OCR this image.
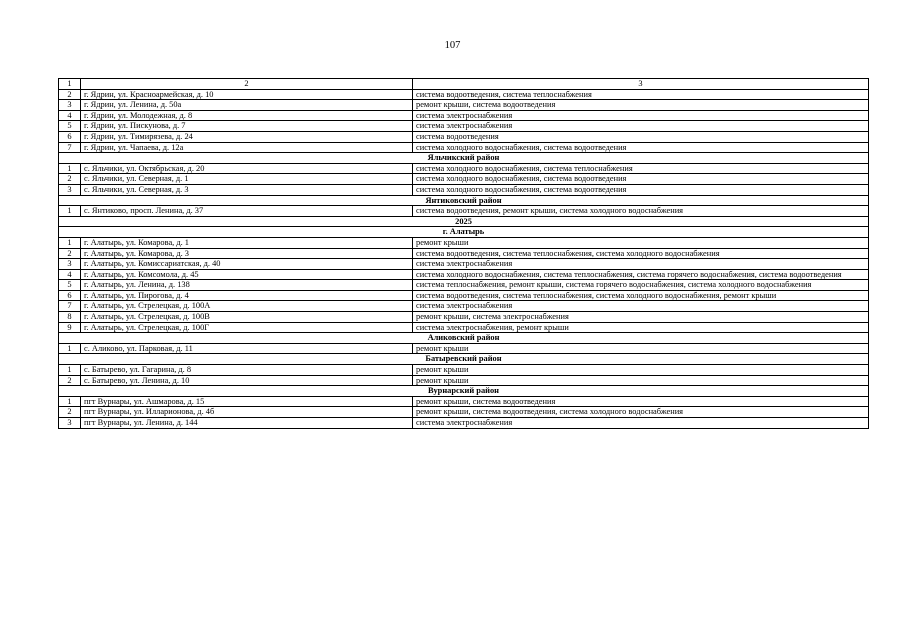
107
1	2	3
2	г. Ядрин, ул. Красноармейская, д. 10	система водоотведения, система теплоснабжения
3	г. Ядрин, ул. Ленина, д. 50а	ремонт крыши, система водоотведения
4	г. Ядрин, ул. Молодежная, д. 8	система электроснабжения
5	г. Ядрин, ул. Пискунова, д. 7	система электроснабжения
6	г. Ядрин, ул. Тимирязева, д. 24	система водоотведения
7	г. Ядрин, ул. Чапаева, д. 12а	система холодного водоснабжения, система водоотведения
Яльчикский район		
1	с. Яльчики, ул. Октябрьская, д. 20	система холодного водоснабжения, система теплоснабжения
2	с. Яльчики, ул. Северная, д. 1	система холодного водоснабжения, система водоотведения
3	с. Яльчики, ул. Северная, д. 3	система холодного водоснабжения, система водоотведения
Янтиковский район		
1	с. Янтиково, просп. Ленина, д. 37	система водоотведения, ремонт крыши, система холодного водоснабжения
2025		
г. Алатырь		
1	г. Алатырь, ул. Комарова, д. 1	ремонт крыши
2	г. Алатырь, ул. Комарова, д. 3	система водоотведения, система теплоснабжения, система холодного водоснабжения
3	г. Алатырь, ул. Комиссариатская, д. 40	система электроснабжения
4	г. Алатырь, ул. Комсомола, д. 45	система холодного водоснабжения, система теплоснабжения, система горячего водоснабжения, система водоотведения
5	г. Алатырь, ул. Ленина, д. 138	система теплоснабжения, ремонт крыши, система горячего водоснабжения, система холодного водоснабжения
6	г. Алатырь, ул. Пирогова, д. 4	система водоотведения, система теплоснабжения, система холодного водоснабжения, ремонт крыши
7	г. Алатырь, ул. Стрелецкая, д. 100А	система электроснабжения
8	г. Алатырь, ул. Стрелецкая, д. 100В	ремонт крыши, система электроснабжения
9	г. Алатырь, ул. Стрелецкая, д. 100Г	система электроснабжения, ремонт крыши
Аликовский район		
1	с. Аликово, ул. Парковая, д. 11	ремонт крыши
Батыревский район		
1	с. Батырево, ул. Гагарина, д. 8	ремонт крыши
2	с. Батырево, ул. Ленина, д. 10	ремонт крыши
Вурнарский район		
1	пгт Вурнары, ул. Ашмарова, д. 15	ремонт крыши, система водоотведения
2	пгт Вурнары, ул. Илларионова, д. 4б	ремонт крыши, система водоотведения, система холодного водоснабжения
3	пгт Вурнары, ул. Ленина, д. 144	система электроснабжения
